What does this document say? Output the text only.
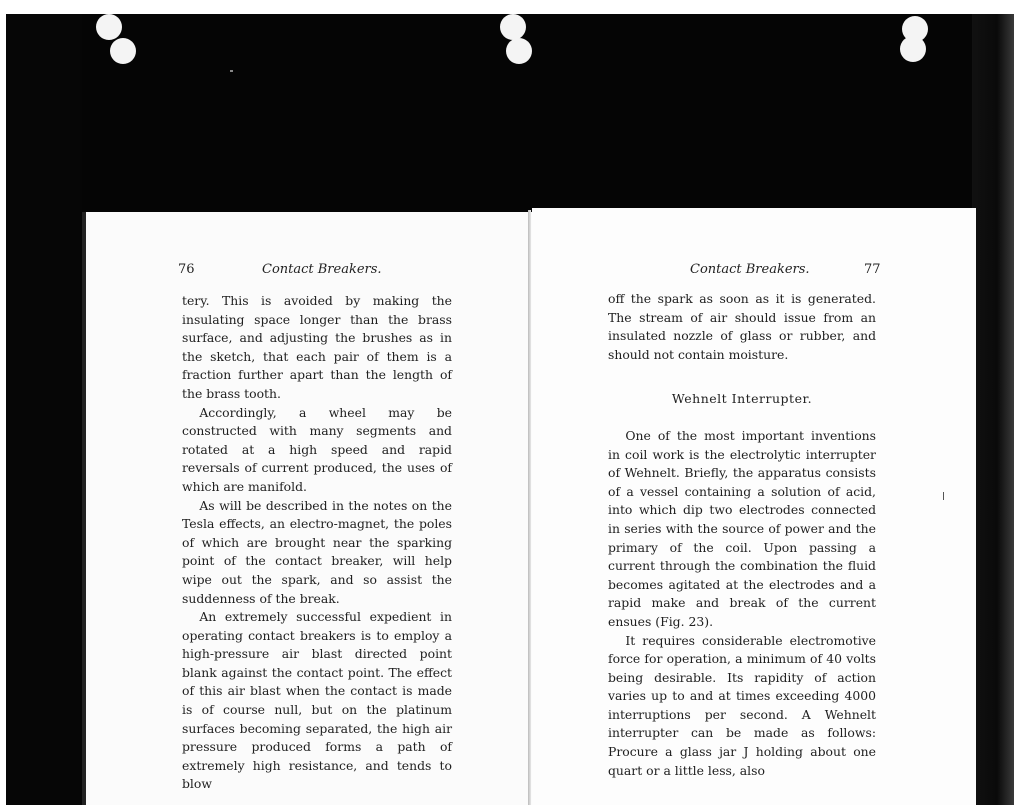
76	Contact Breakers.

tery. This is avoided by making the insulating space longer than the brass surface, and adjusting the brushes as in the sketch, that each pair of them is a fraction further apart than the length of the brass tooth.

Accordingly, a wheel may be constructed with many segments and rotated at a high speed and rapid reversals of current produced, the uses of which are manifold.

As will be described in the notes on the Tesla effects, an electro-magnet, the poles of which are brought near the sparking point of the contact breaker, will help wipe out the spark, and so assist the suddenness of the break.

An extremely successful expedient in operating contact breakers is to employ a high-pressure air blast directed point blank against the contact point. The effect of this air blast when the contact is made is of course null, but on the platinum surfaces becoming separated, the high air pressure produced forms a path of extremely high resistance, and tends to blow

Contact Breakers.	77

off the spark as soon as it is generated. The stream of air should issue from an insulated nozzle of glass or rubber, and should not contain moisture.

Wehnelt Interrupter.

One of the most important inventions in coil work is the electrolytic interrupter of Wehnelt. Briefly, the apparatus consists of a vessel containing a solution of acid, into which dip two electrodes connected in series with the source of power and the primary of the coil. Upon passing a current through the combination the fluid becomes agitated at the electrodes and a rapid make and break of the current ensues (Fig. 23).

It requires considerable electromotive force for operation, a minimum of 40 volts being desirable. Its rapidity of action varies up to and at times exceeding 4000 interruptions per second. A Wehnelt interrupter can be made as follows: Procure a glass jar J holding about one quart or a little less, also
